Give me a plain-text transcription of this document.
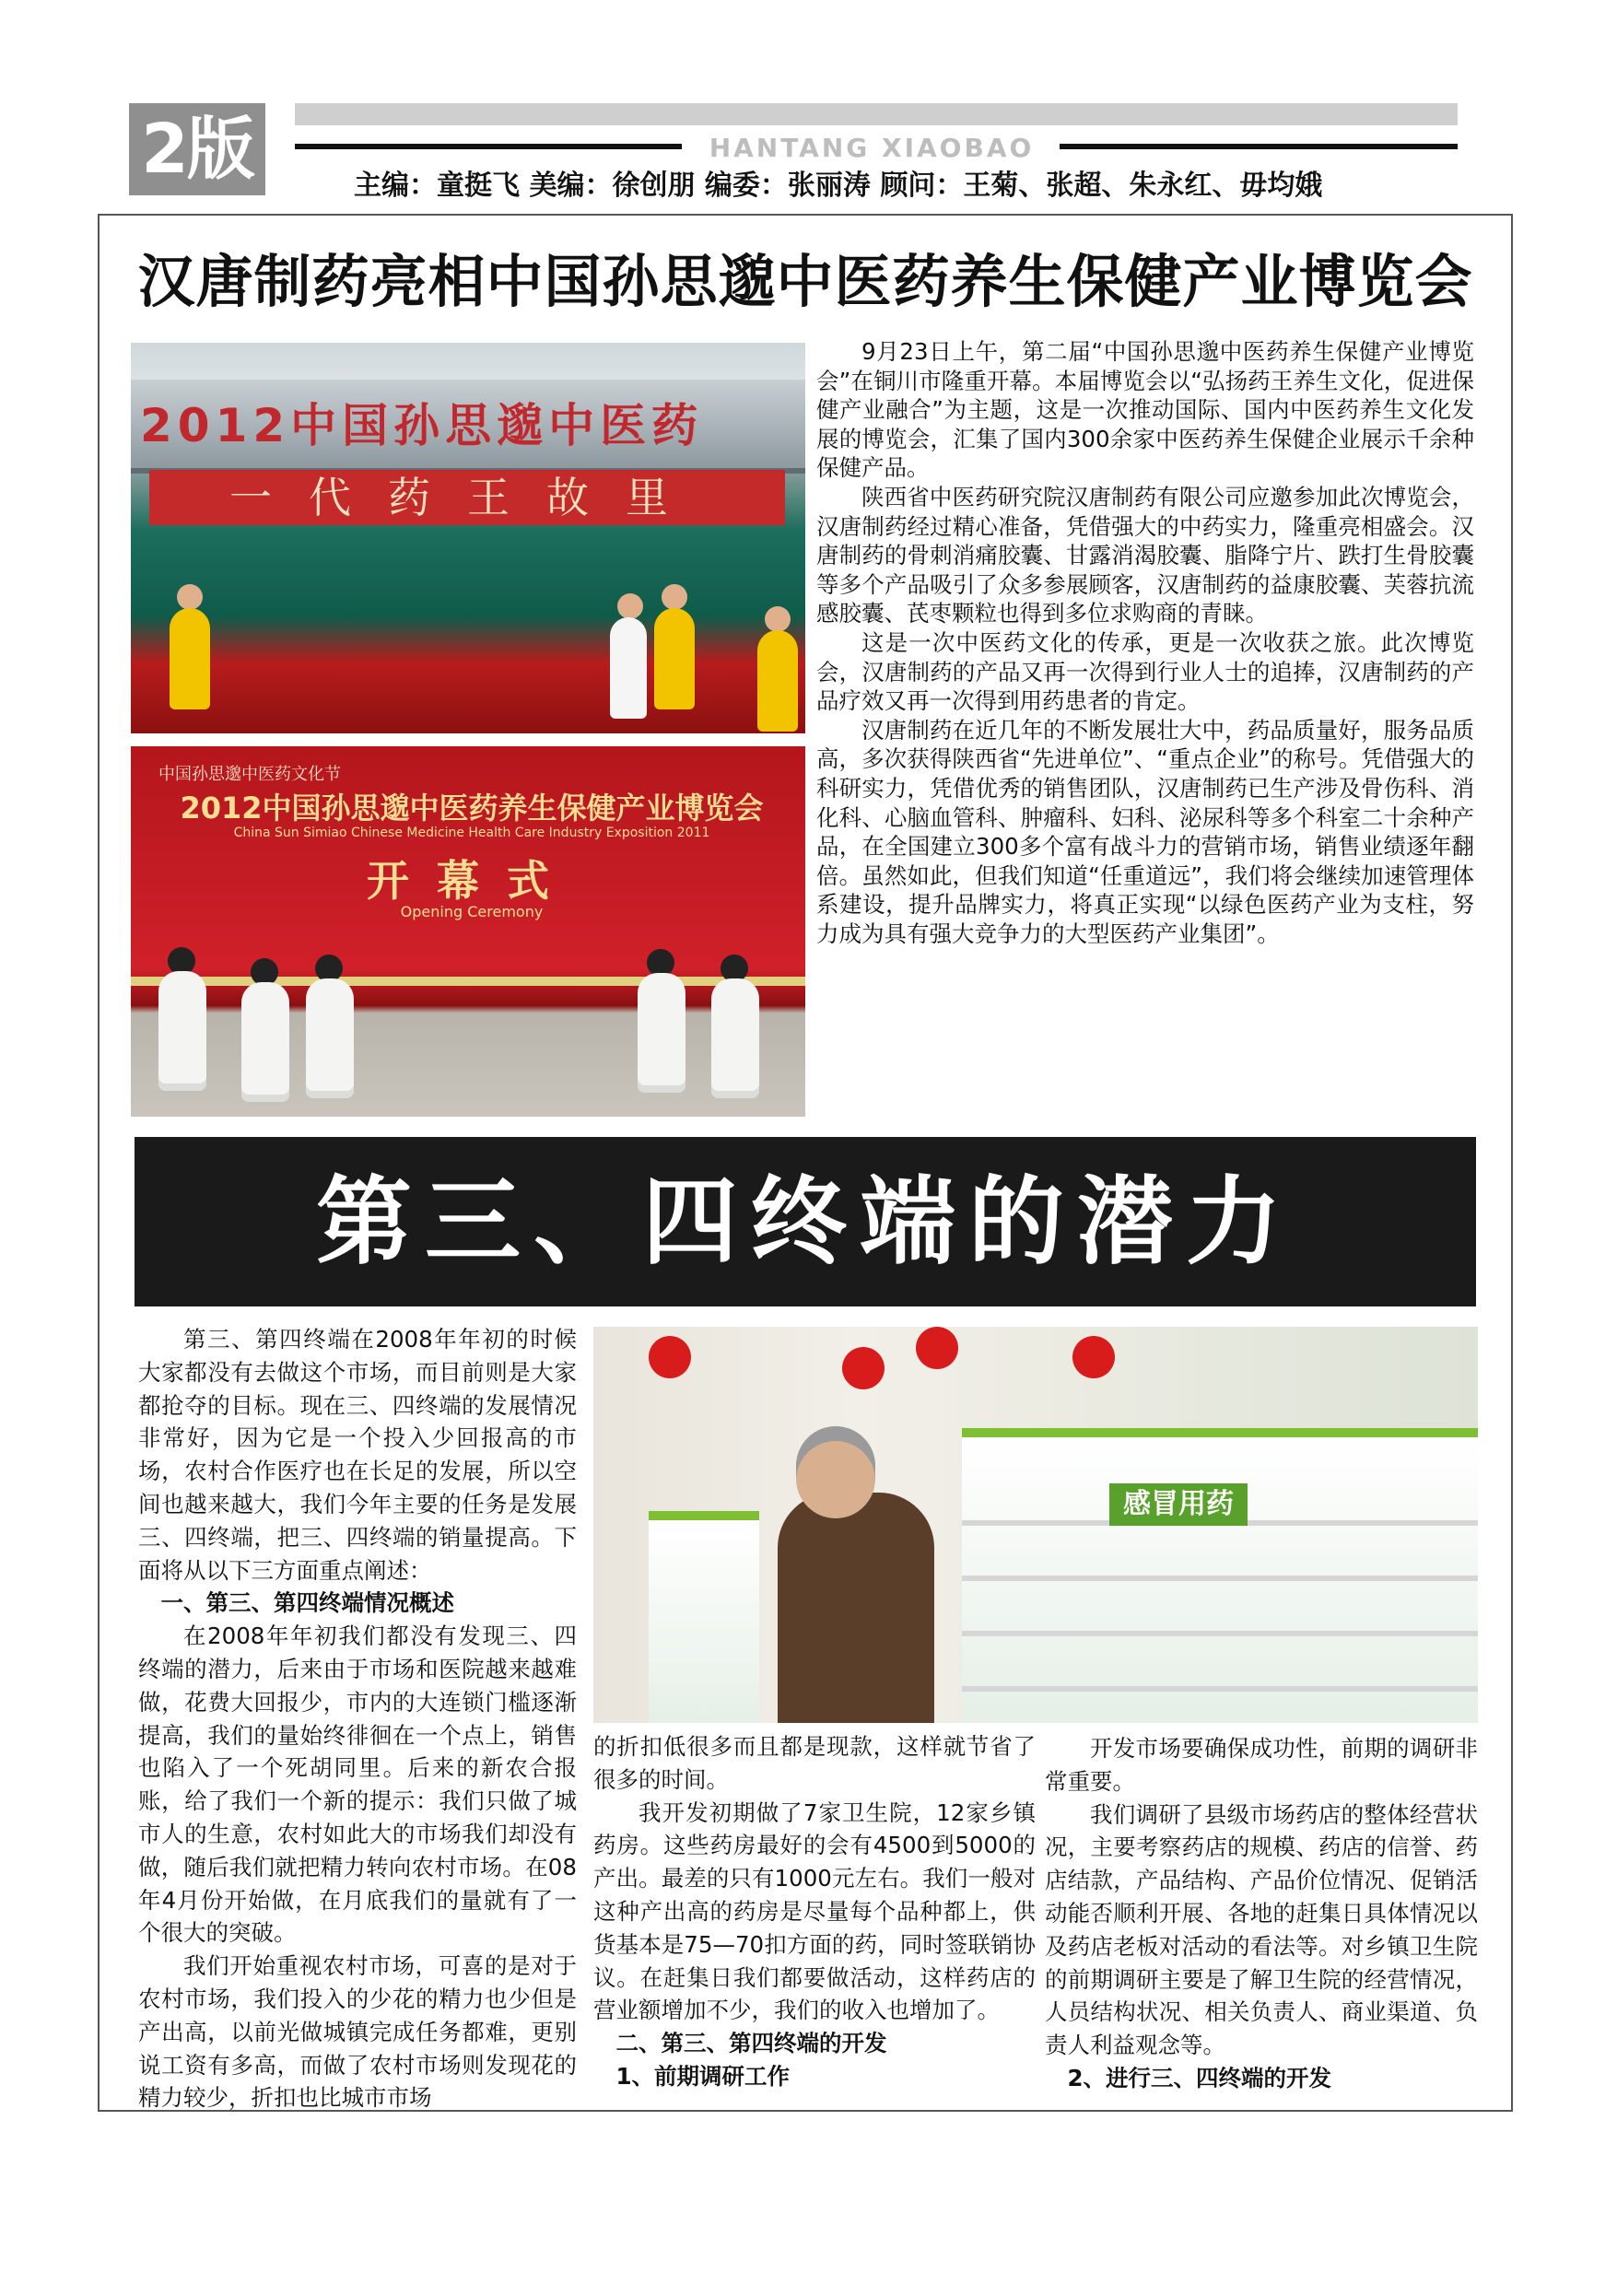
2版	HANTANG XIAOBAO
主编：童挺飞 美编：徐创朋 编委：张丽涛 顾问：王菊、张超、朱永红、毋均娥
汉唐制药亮相中国孙思邈中医药养生保健产业博览会
2012中国孙思邈中医药
一代药王故里
中国孙思邈中医药文化节
2012中国孙思邈中医药养生保健产业博览会
China Sun Simiao Chinese Medicine Health Care Industry Exposition 2011
开幕式
Opening Ceremony

9月23日上午，第二届“中国孙思邈中医药养生保健产业博览会”在铜川市隆重开幕。本届博览会以“弘扬药王养生文化，促进保健产业融合”为主题，这是一次推动国际、国内中医药养生文化发展的博览会，汇集了国内300余家中医药养生保健企业展示千余种保健产品。

陕西省中医药研究院汉唐制药有限公司应邀参加此次博览会，汉唐制药经过精心准备，凭借强大的中药实力，隆重亮相盛会。汉唐制药的骨刺消痛胶囊、甘露消渴胶囊、脂降宁片、跌打生骨胶囊等多个产品吸引了众多参展顾客，汉唐制药的益康胶囊、芙蓉抗流感胶囊、芪枣颗粒也得到多位求购商的青睐。

这是一次中医药文化的传承，更是一次收获之旅。此次博览会，汉唐制药的产品又再一次得到行业人士的追捧，汉唐制药的产品疗效又再一次得到用药患者的肯定。

汉唐制药在近几年的不断发展壮大中，药品质量好，服务品质高，多次获得陕西省“先进单位”、“重点企业”的称号。凭借强大的科研实力，凭借优秀的销售团队，汉唐制药已生产涉及骨伤科、消化科、心脑血管科、肿瘤科、妇科、泌尿科等多个科室二十余种产品，在全国建立300多个富有战斗力的营销市场，销售业绩逐年翻倍。虽然如此，但我们知道“任重道远”，我们将会继续加速管理体系建设，提升品牌实力，将真正实现“以绿色医药产业为支柱，努力成为具有强大竞争力的大型医药产业集团”。

第三、四终端的潜力
感冒用药

第三、第四终端在2008年年初的时候大家都没有去做这个市场，而目前则是大家都抢夺的目标。现在三、四终端的发展情况非常好，因为它是一个投入少回报高的市场，农村合作医疗也在长足的发展，所以空间也越来越大，我们今年主要的任务是发展三、四终端，把三、四终端的销量提高。下面将从以下三方面重点阐述：

一、第三、第四终端情况概述

在2008年年初我们都没有发现三、四终端的潜力，后来由于市场和医院越来越难做，花费大回报少，市内的大连锁门槛逐渐提高，我们的量始终徘徊在一个点上，销售也陷入了一个死胡同里。后来的新农合报账，给了我们一个新的提示：我们只做了城市人的生意，农村如此大的市场我们却没有做，随后我们就把精力转向农村市场。在08年4月份开始做，在月底我们的量就有了一个很大的突破。

我们开始重视农村市场，可喜的是对于农村市场，我们投入的少花的精力也少但是产出高，以前光做城镇完成任务都难，更别说工资有多高，而做了农村市场则发现花的精力较少，折扣也比城市市场

的折扣低很多而且都是现款，这样就节省了很多的时间。

我开发初期做了7家卫生院，12家乡镇药房。这些药房最好的会有4500到5000的产出。最差的只有1000元左右。我们一般对这种产出高的药房是尽量每个品种都上，供货基本是75—70扣方面的药，同时签联销协议。在赶集日我们都要做活动，这样药店的营业额增加不少，我们的收入也增加了。

二、第三、第四终端的开发

1、前期调研工作

开发市场要确保成功性，前期的调研非常重要。

我们调研了县级市场药店的整体经营状况，主要考察药店的规模、药店的信誉、药店结款，产品结构、产品价位情况、促销活动能否顺利开展、各地的赶集日具体情况以及药店老板对活动的看法等。对乡镇卫生院的前期调研主要是了解卫生院的经营情况，人员结构状况、相关负责人、商业渠道、负责人利益观念等。

2、进行三、四终端的开发
